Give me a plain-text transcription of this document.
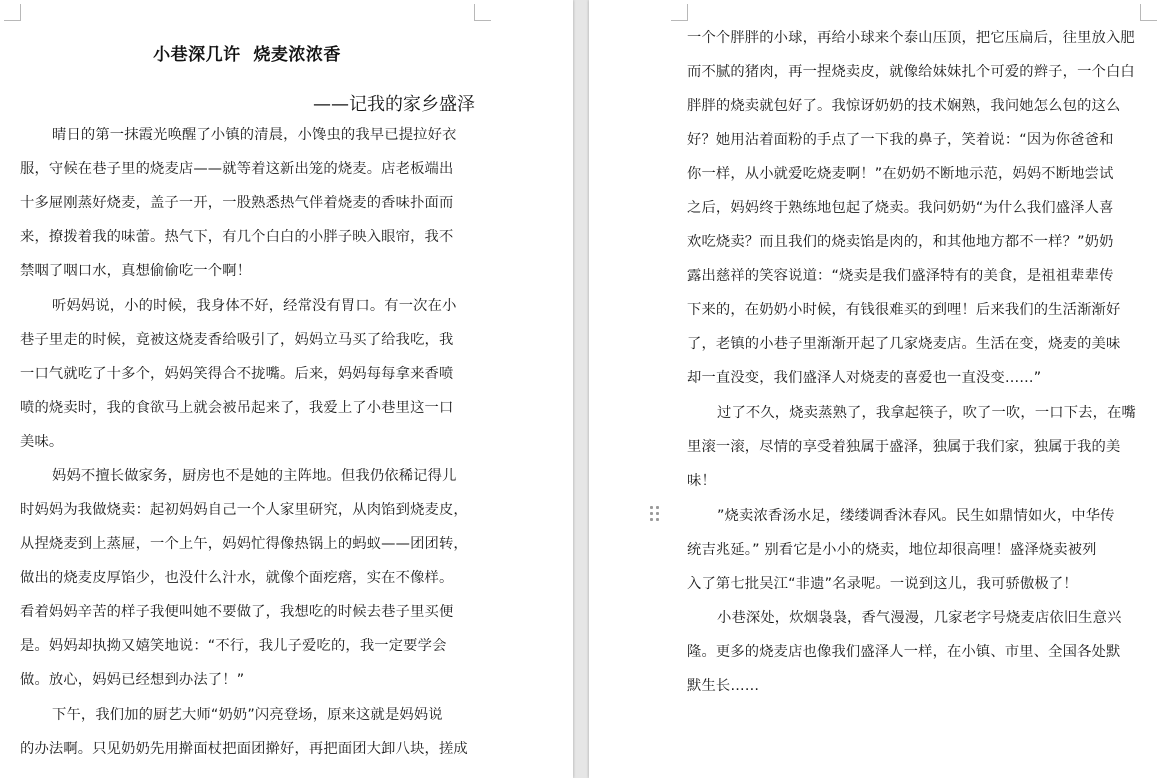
小巷深几许  烧麦浓浓香
——记我的家乡盛泽
晴日的第一抹霞光唤醒了小镇的清晨，小馋虫的我早已提拉好衣
服，守候在巷子里的烧麦店——就等着这新出笼的烧麦。店老板端出
十多屉刚蒸好烧麦，盖子一开，一股熟悉热气伴着烧麦的香味扑面而
来，撩拨着我的味蕾。热气下，有几个白白的小胖子映入眼帘，我不
禁咽了咽口水，真想偷偷吃一个啊！
听妈妈说，小的时候，我身体不好，经常没有胃口。有一次在小
巷子里走的时候，竟被这烧麦香给吸引了，妈妈立马买了给我吃，我
一口气就吃了十多个，妈妈笑得合不拢嘴。后来，妈妈每每拿来香喷
喷的烧卖时，我的食欲马上就会被吊起来了，我爱上了小巷里这一口
美味。
妈妈不擅长做家务，厨房也不是她的主阵地。但我仍依稀记得儿
时妈妈为我做烧卖：起初妈妈自己一个人家里研究，从肉馅到烧麦皮，
从捏烧麦到上蒸屉，一个上午，妈妈忙得像热锅上的蚂蚁——团团转，
做出的烧麦皮厚馅少，也没什么汁水，就像个面疙瘩，实在不像样。
看着妈妈辛苦的样子我便叫她不要做了，我想吃的时候去巷子里买便
是。妈妈却执拗又嬉笑地说：“不行，我儿子爱吃的，我一定要学会
做。放心，妈妈已经想到办法了！”
下午，我们加的厨艺大师“奶奶”闪亮登场，原来这就是妈妈说
的办法啊。只见奶奶先用擀面杖把面团擀好，再把面团大卸八块，搓成
一个个胖胖的小球，再给小球来个泰山压顶，把它压扁后，往里放入肥
而不腻的猪肉，再一捏烧卖皮，就像给妹妹扎个可爱的辫子，一个白白
胖胖的烧卖就包好了。我惊讶奶奶的技术娴熟，我问她怎么包的这么
好？她用沾着面粉的手点了一下我的鼻子，笑着说：“因为你爸爸和
你一样，从小就爱吃烧麦啊！”在奶奶不断地示范，妈妈不断地尝试
之后，妈妈终于熟练地包起了烧卖。我问奶奶“为什么我们盛泽人喜
欢吃烧卖？而且我们的烧卖馅是肉的，和其他地方都不一样？”奶奶
露出慈祥的笑容说道：“烧卖是我们盛泽特有的美食，是祖祖辈辈传
下来的，在奶奶小时候，有钱很难买的到哩！后来我们的生活渐渐好
了，老镇的小巷子里渐渐开起了几家烧麦店。生活在变，烧麦的美味
却一直没变，我们盛泽人对烧麦的喜爱也一直没变……”
过了不久，烧卖蒸熟了，我拿起筷子，吹了一吹，一口下去，在嘴
里滚一滚，尽情的享受着独属于盛泽，独属于我们家，独属于我的美
味！
”烧卖浓香汤水足，缕缕调香沐春风。民生如鼎情如火，中华传
统吉兆延。” 别看它是小小的烧卖，地位却很高哩！盛泽烧卖被列
入了第七批吴江“非遗”名录呢。一说到这儿，我可骄傲极了！
小巷深处，炊烟袅袅，香气漫漫，几家老字号烧麦店依旧生意兴
隆。更多的烧麦店也像我们盛泽人一样，在小镇、市里、全国各处默
默生长……
